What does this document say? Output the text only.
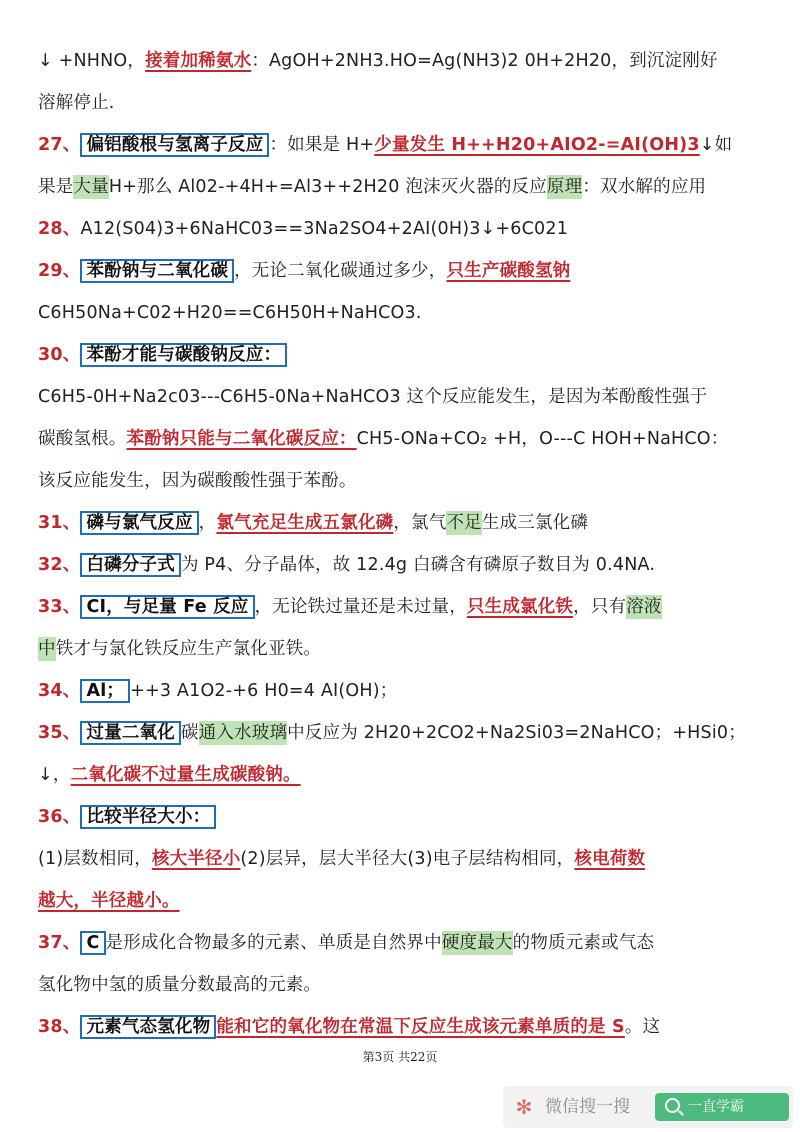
↓ +NHNO，接着加稀氨水：AgOH+2NH3.HO=Ag(NH3)2 0H+2H20，到沉淀刚好
溶解停止.
27、 偏铝酸根与氢离子反应 ：如果是 H+少量发生 H++H20+AIO2-=AI(OH)3↓如
果是大量H+那么 Al02-+4H+=Al3++2H20 泡沫灭火器的反应原理：双水解的应用
28、A12(S04)3+6NaHC03==3Na2SO4+2AI(0H)3↓+6C021
29、 苯酚钠与二氧化碳 ，无论二氧化碳通过多少，只生产碳酸氢钠
C6H50Na+C02+H20==C6H50H+NaHCO3.
30、 苯酚才能与碳酸钠反应：
C6H5-0H+Na2c03---C6H5-0Na+NaHCO3 这个反应能发生，是因为苯酚酸性强于
碳酸氢根。苯酚钠只能与二氧化碳反应：CH5-ONa+CO₂ +H，O---C HOH+NaHCO：
该反应能发生，因为碳酸酸性强于苯酚。
31、 磷与氯气反应 ，氯气充足生成五氯化磷，氯气不足生成三氯化磷
32、 白磷分子式 为 P4、分子晶体，故 12.4g 白磷含有磷原子数目为 0.4NA.
33、 CI，与足量 Fe 反应 ，无论铁过量还是未过量，只生成氯化铁，只有溶液
中铁才与氯化铁反应生产氯化亚铁。
34、 Al； ++3 A1O2-+6 H0=4 AI(OH)；
35、 过量二氧化 碳通入水玻璃中反应为 2H20+2CO2+Na2Si03=2NaHCO；+HSi0；
↓，二氧化碳不过量生成碳酸钠。
36、 比较半径大小：
(1)层数相同，核大半径小(2)层异，层大半径大(3)电子层结构相同，核电荷数
越大，半径越小。
37、 C 是形成化合物最多的元素、单质是自然界中硬度最大的物质元素或气态
氢化物中氢的质量分数最高的元素。
38、 元素气态氢化物 能和它的氧化物在常温下反应生成该元素单质的是 S。这
第3页 共22页
✻ 微信搜一搜	一直学霸
